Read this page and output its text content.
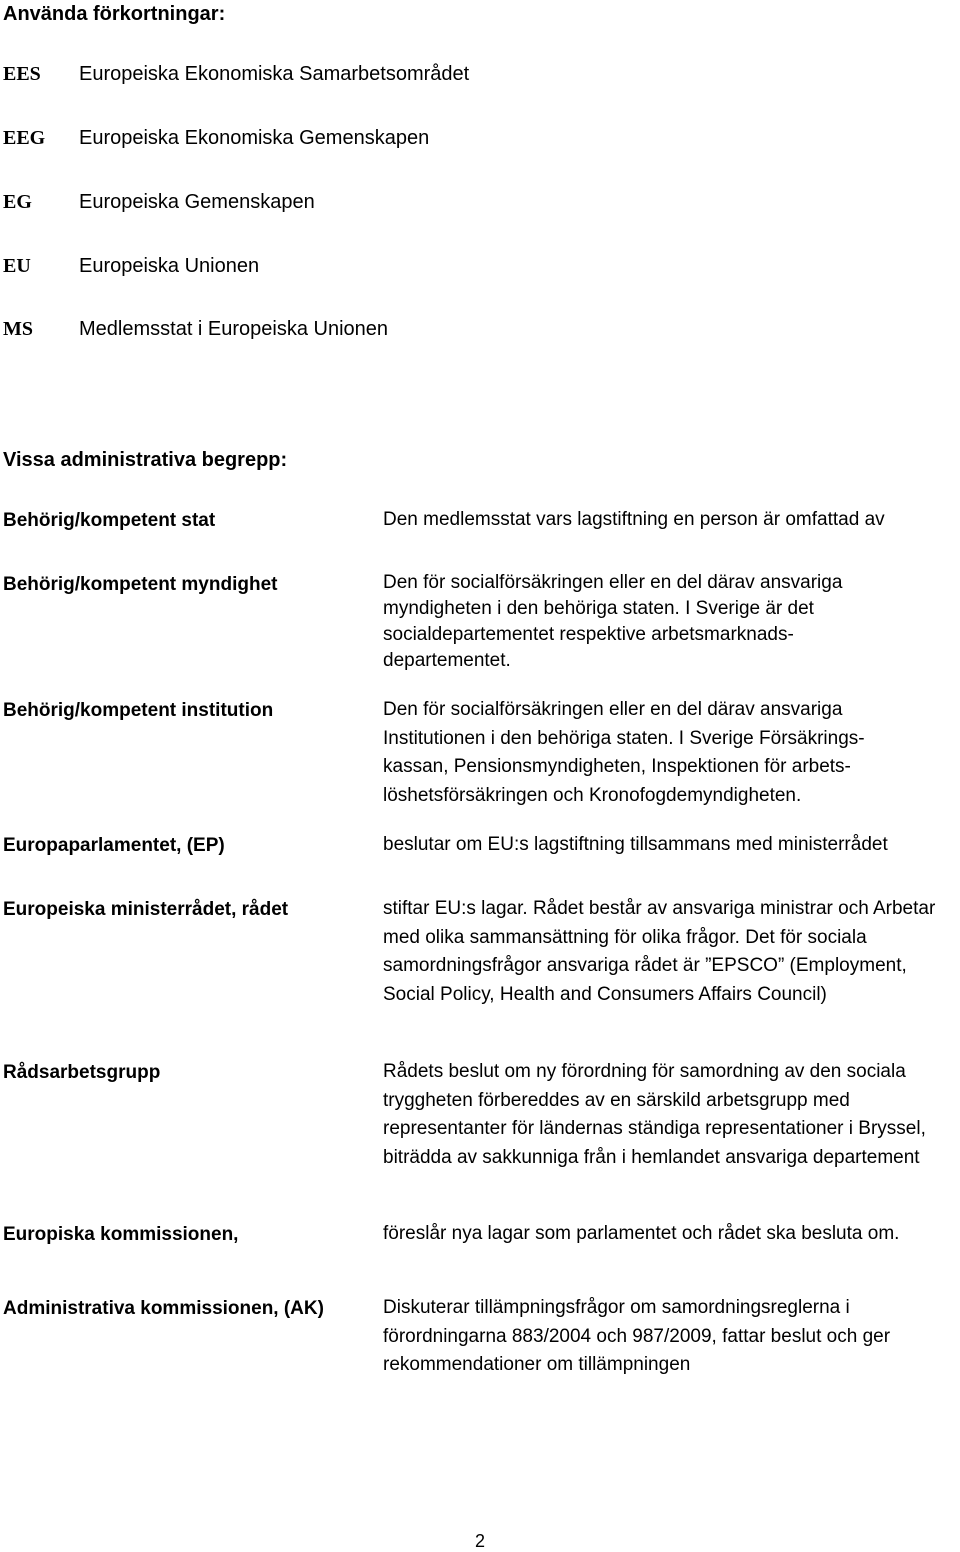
Använda förkortningar:
EES Europeiska Ekonomiska Samarbetsområdet
EEG Europeiska Ekonomiska Gemenskapen
EG Europeiska Gemenskapen
EU Europeiska Unionen
MS Medlemsstat i Europeiska Unionen
Vissa administrativa begrepp:
Behörig/kompetent stat	Den medlemsstat vars lagstiftning en person är omfattad av
Behörig/kompetent myndighet	Den för socialförsäkringen eller en del därav ansvariga myndigheten i den behöriga staten. I Sverige är det socialdepartementet respektive arbetsmarknads-departementet.
Behörig/kompetent institution	Den för socialförsäkringen eller en del därav ansvariga Institutionen i den behöriga staten. I Sverige Försäkrings-kassan, Pensionsmyndigheten, Inspektionen för arbets-löshetsförsäkringen och Kronofogdemyndigheten.
Europaparlamentet, (EP)	beslutar om EU:s lagstiftning tillsammans med ministerrådet
Europeiska ministerrådet, rådet	stiftar EU:s lagar. Rådet består av ansvariga ministrar och Arbetar med olika sammansättning för olika frågor. Det för sociala samordningsfrågor ansvariga rådet är ”EPSCO” (Employment, Social Policy, Health and Consumers Affairs Council)
Rådsarbetsgrupp	Rådets beslut om ny förordning för samordning av den sociala tryggheten förbereddes av en särskild arbetsgrupp med representanter för ländernas ständiga representationer i Bryssel, biträdda av sakkunniga från i hemlandet ansvariga departement
Europiska kommissionen,	föreslår nya lagar som parlamentet och rådet ska besluta om.
Administrativa kommissionen, (AK)	Diskuterar tillämpningsfrågor om samordningsreglerna i förordningarna 883/2004 och 987/2009, fattar beslut och ger rekommendationer om tillämpningen
2
